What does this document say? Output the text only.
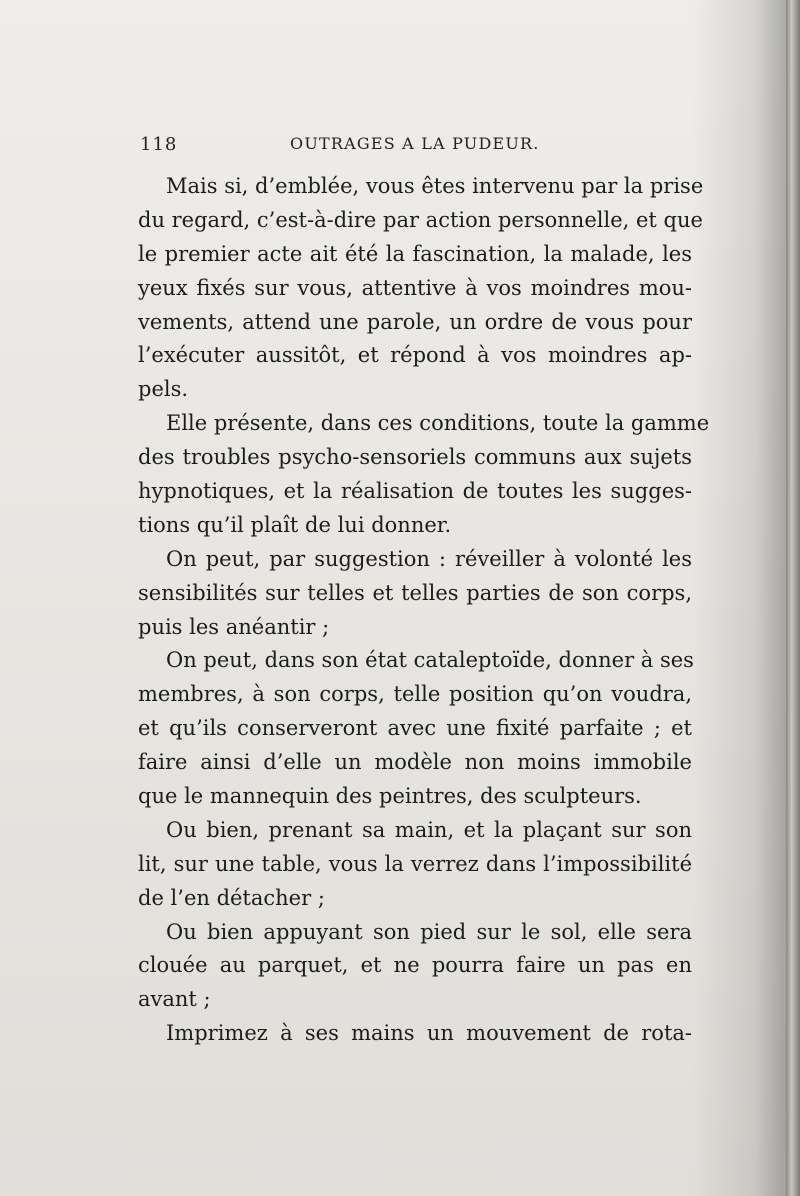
118	OUTRAGES A LA PUDEUR.
Mais si, d’emblée, vous êtes intervenu par la prise
du regard, c’est-à-dire par action personnelle, et que
le premier acte ait été la fascination, la malade, les
yeux fixés sur vous, attentive à vos moindres mou-
vements, attend une parole, un ordre de vous pour
l’exécuter aussitôt, et répond à vos moindres ap-
pels.
Elle présente, dans ces conditions, toute la gamme
des troubles psycho-sensoriels communs aux sujets
hypnotiques, et la réalisation de toutes les sugges-
tions qu’il plaît de lui donner.
On peut, par suggestion : réveiller à volonté les
sensibilités sur telles et telles parties de son corps,
puis les anéantir ;
On peut, dans son état cataleptoïde, donner à ses
membres, à son corps, telle position qu’on voudra,
et qu’ils conserveront avec une fixité parfaite ; et
faire ainsi d’elle un modèle non moins immobile
que le mannequin des peintres, des sculpteurs.
Ou bien, prenant sa main, et la plaçant sur son
lit, sur une table, vous la verrez dans l’impossibilité
de l’en détacher ;
Ou bien appuyant son pied sur le sol, elle sera
clouée au parquet, et ne pourra faire un pas en
avant ;
Imprimez à ses mains un mouvement de rota-
